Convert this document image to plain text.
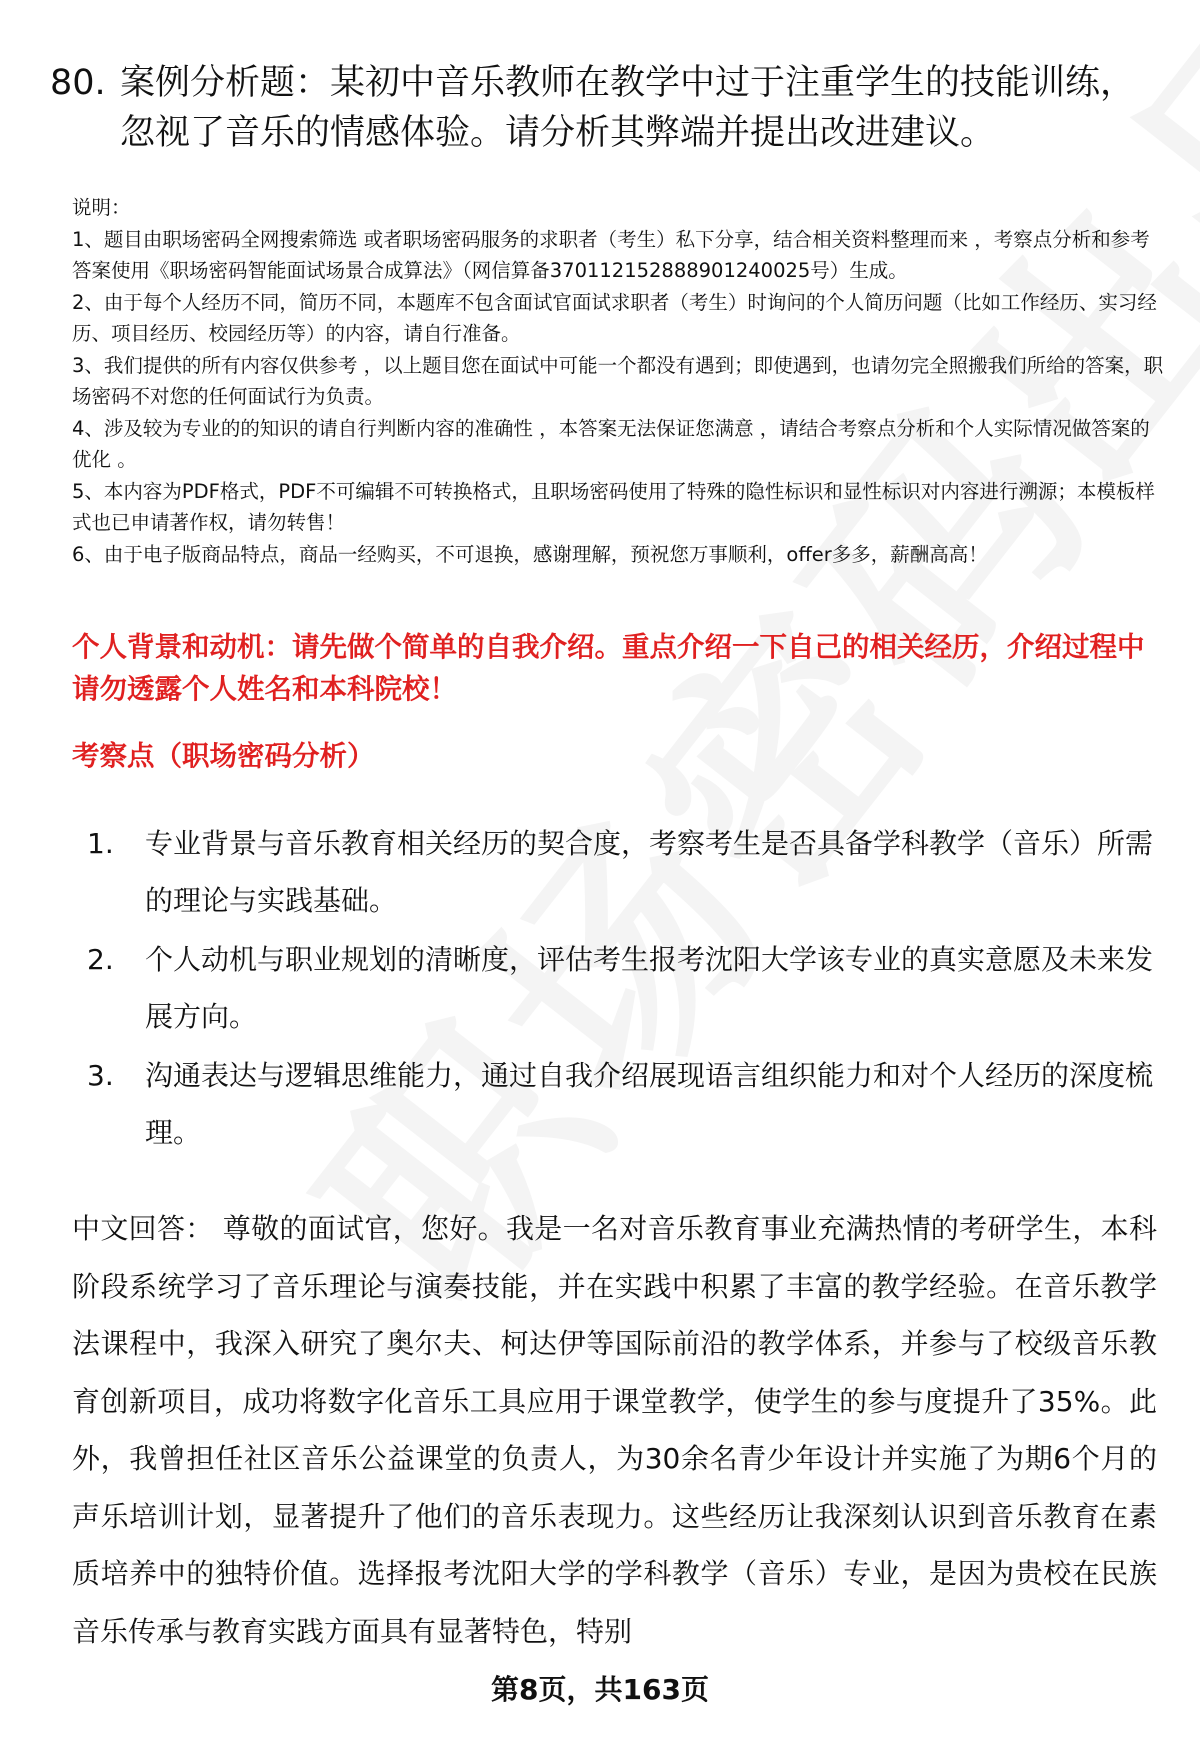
80. 案例分析题：某初中音乐教师在教学中过于注重学生的技能训练，忽视了音乐的情感体验。请分析其弊端并提出改进建议。

说明：

1、题目由职场密码全网搜索筛选 或者职场密码服务的求职者（考生）私下分享，结合相关资料整理而来 ，考察点分析和参考答案使用《职场密码智能面试场景合成算法》（网信算备370112152888901240025号）生成。

2、由于每个人经历不同，简历不同，本题库不包含面试官面试求职者（考生）时询问的个人简历问题（比如工作经历、实习经历、项目经历、校园经历等）的内容，请自行准备。

3、我们提供的所有内容仅供参考 ，以上题目您在面试中可能一个都没有遇到；即使遇到，也请勿完全照搬我们所给的答案，职场密码不对您的任何面试行为负责。

4、涉及较为专业的的知识的请自行判断内容的准确性 ，本答案无法保证您满意 ，请结合考察点分析和个人实际情况做答案的优化 。

5、本内容为PDF格式，PDF不可编辑不可转换格式，且职场密码使用了特殊的隐性标识和显性标识对内容进行溯源；本模板样式也已申请著作权，请勿转售！

6、由于电子版商品特点，商品一经购买，不可退换，感谢理解，预祝您万事顺利，offer多多，薪酬高高！

个人背景和动机：请先做个简单的自我介绍。重点介绍一下自己的相关经历，介绍过程中请勿透露个人姓名和本科院校！
考察点（职场密码分析）
1.	专业背景与音乐教育相关经历的契合度，考察考生是否具备学科教学（音乐）所需的理论与实践基础。
2.	个人动机与职业规划的清晰度，评估考生报考沈阳大学该专业的真实意愿及未来发展方向。
3.	沟通表达与逻辑思维能力，通过自我介绍展现语言组织能力和对个人经历的深度梳理。

中文回答： 尊敬的面试官，您好。我是一名对音乐教育事业充满热情的考研学生，本科阶段系统学习了音乐理论与演奏技能，并在实践中积累了丰富的教学经验。在音乐教学法课程中，我深入研究了奥尔夫、柯达伊等国际前沿的教学体系，并参与了校级音乐教育创新项目，成功将数字化音乐工具应用于课堂教学，使学生的参与度提升了35%。此外，我曾担任社区音乐公益课堂的负责人，为30余名青少年设计并实施了为期6个月的声乐培训计划，显著提升了他们的音乐表现力。这些经历让我深刻认识到音乐教育在素质培养中的独特价值。选择报考沈阳大学的学科教学（音乐）专业，是因为贵校在民族音乐传承与教育实践方面具有显著特色，特别

第8页，共163页
